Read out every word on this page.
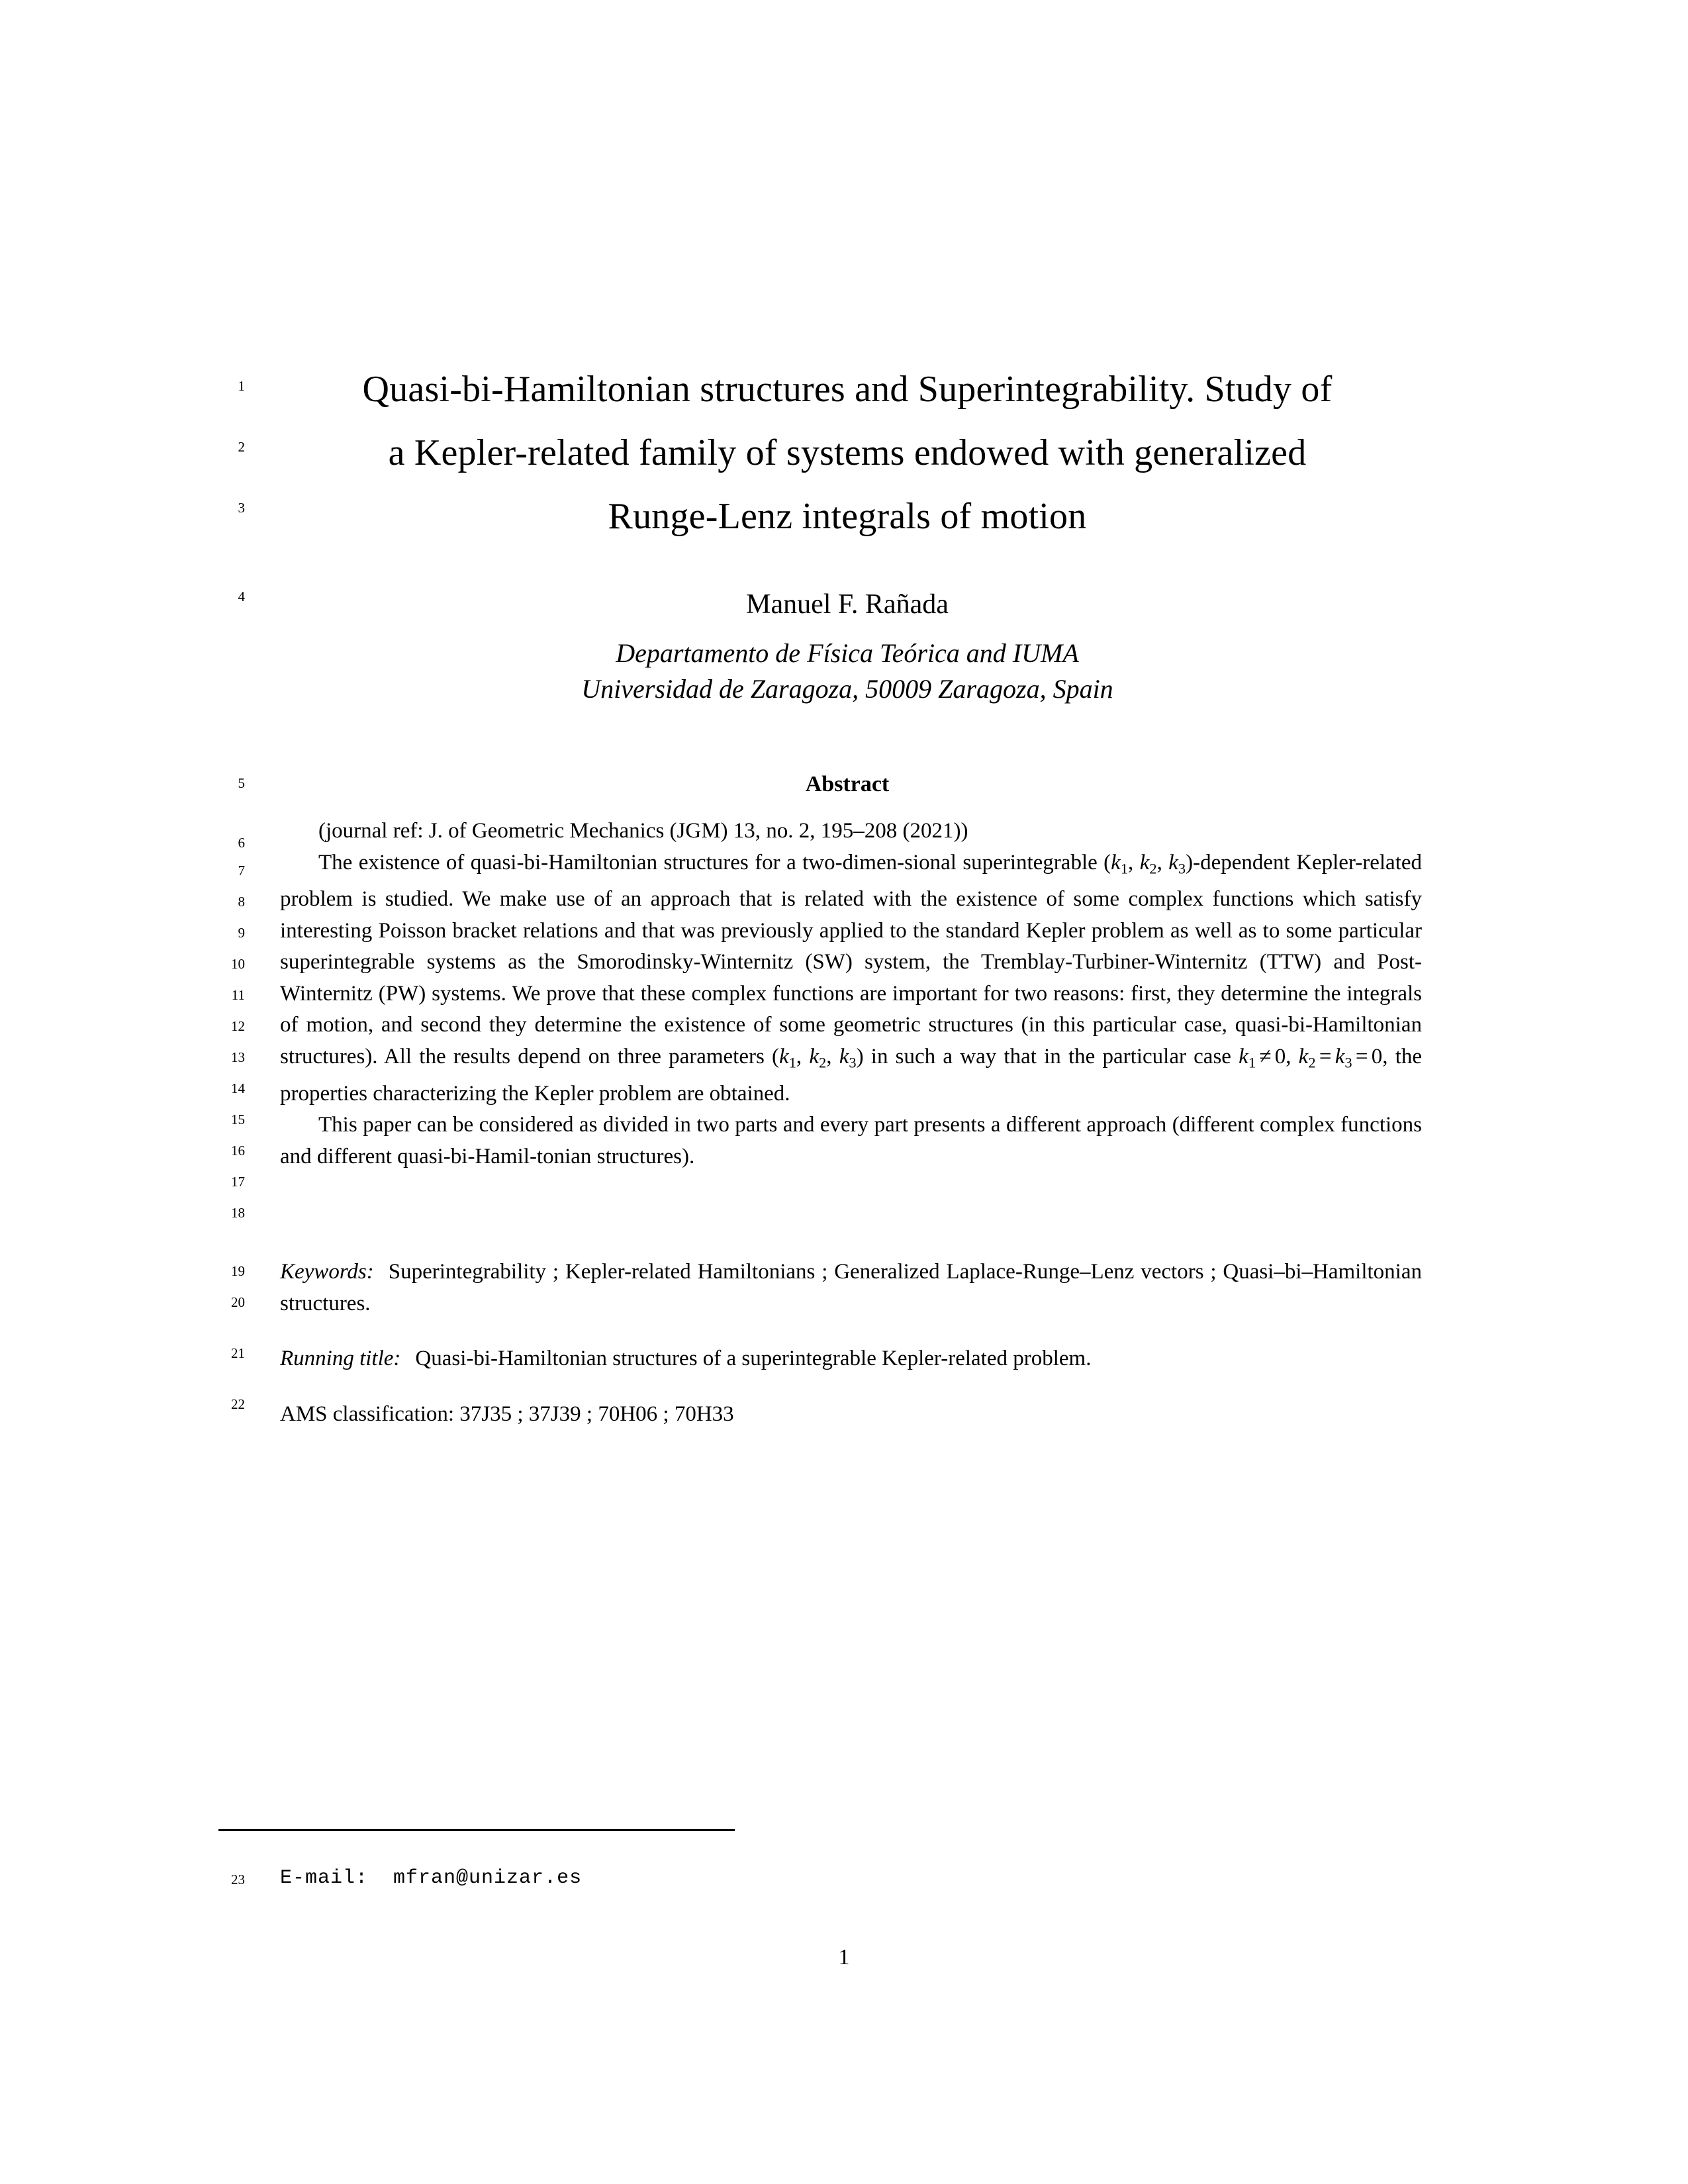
1
2
3
4
5
6
7
8
9
10
11
12
13
14
15
16
17
18
19
20
21
22
23
Quasi-bi-Hamiltonian structures and Superintegrability. Study of
a Kepler-related family of systems endowed with generalized
Runge-Lenz integrals of motion
Manuel F. Rañada
Departamento de Física Teórica and IUMA
Universidad de Zaragoza, 50009 Zaragoza, Spain
Abstract

(journal ref: J. of Geometric Mechanics (JGM) 13, no. 2, 195–208 (2021))

The existence of quasi-bi-Hamiltonian structures for a two-dimen-sional superintegrable ($k_1$, $k_2$, $k_3$)-dependent Kepler-related problem is studied. We make use of an approach that is related with the existence of some complex functions which satisfy interesting Poisson bracket relations and that was previously applied to the standard Kepler problem as well as to some particular superintegrable systems as the Smorodinsky-Winternitz (SW) system, the Tremblay-Turbiner-Winternitz (TTW) and Post-Winternitz (PW) systems. We prove that these complex functions are important for two reasons: first, they determine the integrals of motion, and second they determine the existence of some geometric structures (in this particular case, quasi-bi-Hamiltonian structures). All the results depend on three parameters ($k_1$, $k_2$, $k_3$) in such a way that in the particular case $k_1 \ne 0$, $k_2 = k_3 = 0$, the properties characterizing the Kepler problem are obtained.

This paper can be considered as divided in two parts and every part presents a different approach (different complex functions and different quasi-bi-Hamil-tonian structures).

Keywords: Superintegrability ; Kepler-related Hamiltonians ; Generalized Laplace-Runge–Lenz vectors ; Quasi–bi–Hamiltonian structures.

Running title: Quasi-bi-Hamiltonian structures of a superintegrable Kepler-related problem.

AMS classification: 37J35 ; 37J39 ; 70H06 ; 70H33

E-mail:  mfran@unizar.es
1
